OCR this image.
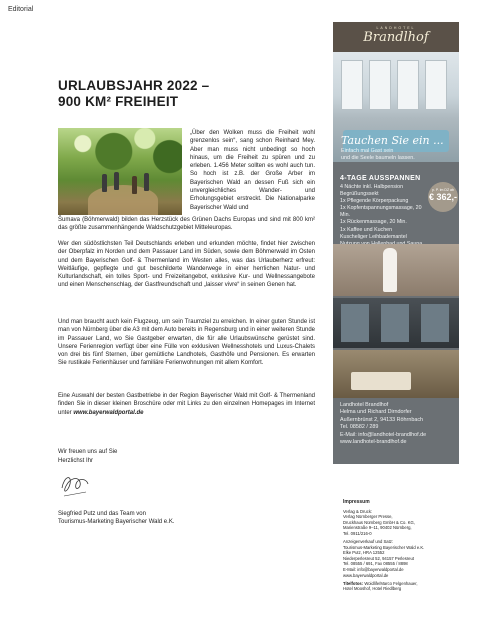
Editorial
URLAUBSJAHR 2022 –
900 KM² FREIHEIT

„Über den Wolken muss die Freiheit wohl grenzenlos sein“, sang schon Reinhard Mey. Aber man muss nicht unbedingt so hoch hinaus, um die Freiheit zu spüren und zu erleben. 1.456 Meter sollten es wohl auch tun. So hoch ist z.B. der Große Arber im Bayerischen Wald an dessen Fuß sich ein unvergleichliches Wander- und Erholungsgebiet erstreckt. Die Nationalparke Bayerischer Wald und

Šumava (Böhmerwald) bilden das Herzstück des Grünen Dachs Europas und sind mit 800 km² das größte zusammenhängende Waldschutzgebiet Mitteleuropas.

Wer den südöstlichsten Teil Deutschlands erleben und erkunden möchte, findet hier zwischen der Oberpfalz im Norden und dem Passauer Land im Süden, sowie dem Böhmerwald im Osten und dem Bayerischen Golf- & Thermenland im Westen alles, was das Urlauberherz erfreut: Weitläufige, gepflegte und gut beschilderte Wanderwege in einer herrlichen Natur- und Kulturlandschaft, ein tolles Sport- und Freizeitangebot, exklusive Kur- und Wellnessangebote und einen Menschenschlag, der Gastfreundschaft und „laisser vivre“ in seinen Genen hat.

Und man braucht auch kein Flugzeug, um sein Traumziel zu erreichen. In einer guten Stunde ist man von Nürnberg über die A3 mit dem Auto bereits in Regensburg und in einer weiteren Stunde im Passauer Land, wo Sie Gastgeber erwarten, die für alle Urlaubswünsche gerüstet sind. Unsere Ferienregion verfügt über eine Fülle von exklusiven Wellnesshotels und Luxus-Chalets von drei bis fünf Sternen, über gemütliche Landhotels, Gasthöfe und Pensionen. Es erwarten Sie rustikale Ferienhäuser und familiäre Ferienwohnungen mit allem Komfort.

Eine Auswahl der besten Gastbetriebe in der Region Bayerischer Wald mit Golf- & Thermenland finden Sie in dieser kleinen Broschüre oder mit Links zu den einzelnen Homepages im Internet unter www.bayerwaldportal.de

Wir freuen uns auf Sie
Herzlichst Ihr
Siegfried Putz und das Team von
Tourismus-Marketing Bayerischer Wald e.K.
LANDHOTEL
Brandlhof
Tauchen Sie ein ...
Einfach mal Gast sein
und die Seele baumeln lassen.
4-TAGE AUSSPANNEN
4 Nächte inkl. Halbpension
Begrüßungssekt
1x Pflegende Körperpackung
1x Kopfentspannungsmassage, 20 Min.
1x Rückenmassage, 20 Min.
1x Kaffee und Kuchen
Kuscheliger Leihbademantel
p. P. im DZ ab
€ 362,-
Landhotel Brandlhof
Helma und Richard Dirndorfer
Außernbrünst 2, 94133 Röhrnbach
Tel. 08582 / 289
E-Mail: info@landhotel-brandlhof.de
www.landhotel-brandlhof.de
Impressum
Verlag & Druck:
Verlag Nürnberger Presse,
Druckhaus Nürnberg GmbH & Co. KG,
Marienstraße 9–11, 90402 Nürnberg,
Tel. 0911/216-0
Anzeigenverkauf und Satz:
Tourismus-Marketing Bayerischer Wald e.K.
Elke Putz, HRA 12552
Niederperlesreut 52, 94157 Perlesreut
Tel. 08555 / 691, Fax 08555 / 8898
E-Mail: info@bayerwaldportal.de
www.bayerwaldportal.de
Titelfotos: Woidlife/Marco Felgenhauer,
Hotel Mooshof, Hotel Riedlberg
